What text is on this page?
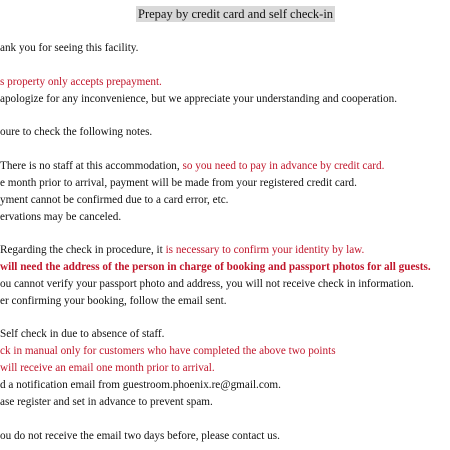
Prepay by credit card and self check-in
ank you for seeing this facility.
s property only accepts prepayment.
apologize for any inconvenience, but we appreciate your understanding and cooperation.
oure to check the following notes.
There is no staff at this accommodation, so you need to pay in advance by credit card.
e month prior to arrival, payment will be made from your registered credit card.
yment cannot be confirmed due to a card error, etc.
ervations may be canceled.
Regarding the check in procedure, it is necessary to confirm your identity by law.
will need the address of the person in charge of booking and passport photos for all guests.
ou cannot verify your passport photo and address, you will not receive check in information.
er confirming your booking, follow the email sent.
Self check in due to absence of staff.
ck in manual only for customers who have completed the above two points
will receive an email one month prior to arrival.
d a notification email from guestroom.phoenix.re@gmail.com.
ase register and set in advance to prevent spam.
ou do not receive the email two days before, please contact us.
